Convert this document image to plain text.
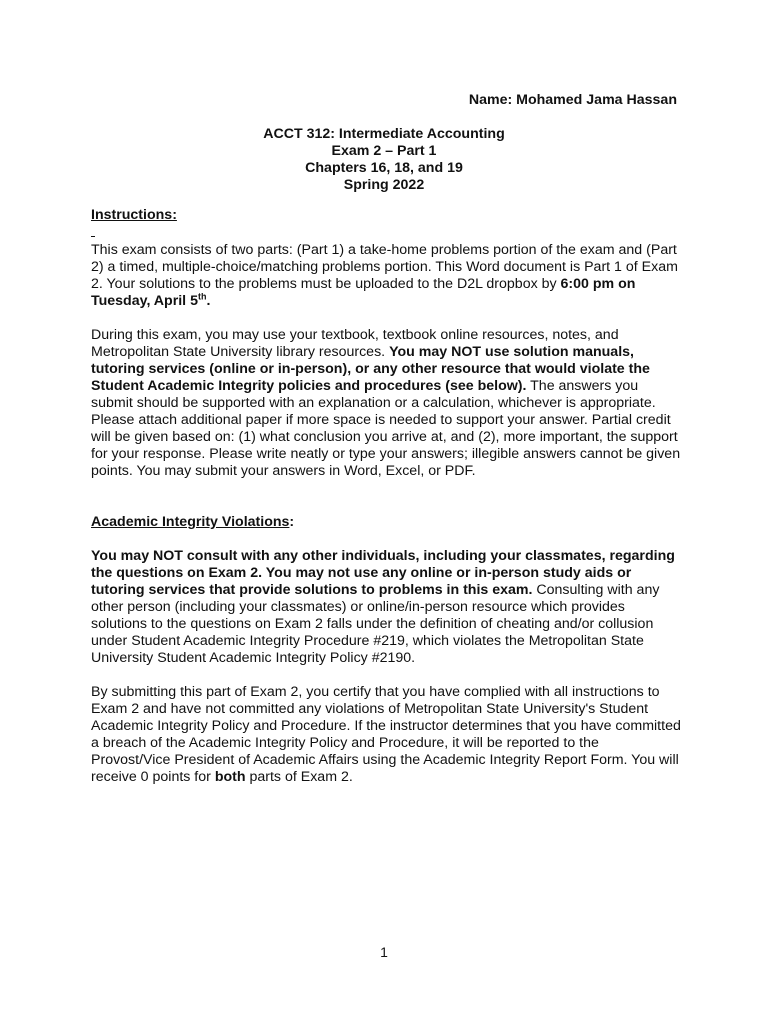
Name: Mohamed Jama Hassan
ACCT 312: Intermediate Accounting
Exam 2 – Part 1
Chapters 16, 18, and 19
Spring 2022
Instructions:

This exam consists of two parts: (Part 1) a take-home problems portion of the exam and (Part 2) a timed, multiple-choice/matching problems portion. This Word document is Part 1 of Exam 2. Your solutions to the problems must be uploaded to the D2L dropbox by 6:00 pm on Tuesday, April 5th.

During this exam, you may use your textbook, textbook online resources, notes, and Metropolitan State University library resources. You may NOT use solution manuals, tutoring services (online or in-person), or any other resource that would violate the Student Academic Integrity policies and procedures (see below). The answers you submit should be supported with an explanation or a calculation, whichever is appropriate. Please attach additional paper if more space is needed to support your answer. Partial credit will be given based on: (1) what conclusion you arrive at, and (2), more important, the support for your response. Please write neatly or type your answers; illegible answers cannot be given points. You may submit your answers in Word, Excel, or PDF.

Academic Integrity Violations:

You may NOT consult with any other individuals, including your classmates, regarding the questions on Exam 2. You may not use any online or in-person study aids or tutoring services that provide solutions to problems in this exam. Consulting with any other person (including your classmates) or online/in-person resource which provides solutions to the questions on Exam 2 falls under the definition of cheating and/or collusion under Student Academic Integrity Procedure #219, which violates the Metropolitan State University Student Academic Integrity Policy #2190.

By submitting this part of Exam 2, you certify that you have complied with all instructions to Exam 2 and have not committed any violations of Metropolitan State University's Student Academic Integrity Policy and Procedure. If the instructor determines that you have committed a breach of the Academic Integrity Policy and Procedure, it will be reported to the Provost/Vice President of Academic Affairs using the Academic Integrity Report Form. You will receive 0 points for both parts of Exam 2.

1
